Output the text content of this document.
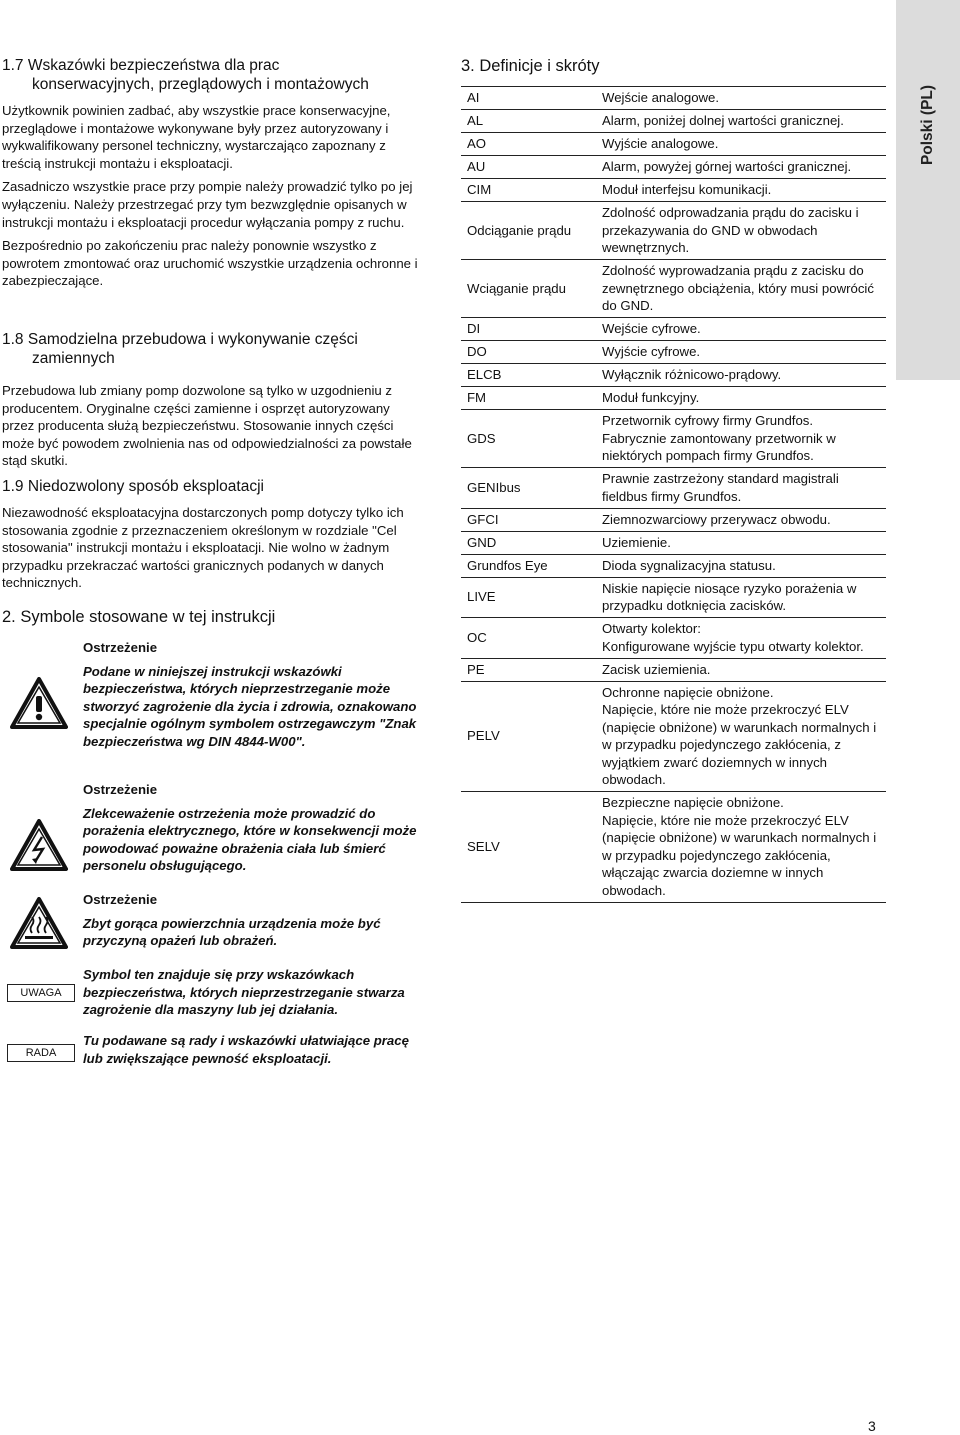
1.7 Wskazówki bezpieczeństwa dla prac
konserwacyjnych, przeglądowych i montażowych

Użytkownik powinien zadbać, aby wszystkie prace konserwacyjne, przeglądowe i montażowe wykonywane były przez autoryzowany i wykwalifikowany personel techniczny, wystarczająco zapoznany z treścią instrukcji montażu i eksploatacji.

Zasadniczo wszystkie prace przy pompie należy prowadzić tylko po jej wyłączeniu. Należy przestrzegać przy tym bezwzględnie opisanych w instrukcji montażu i eksploatacji procedur wyłączania pompy z ruchu.

Bezpośrednio po zakończeniu prac należy ponownie wszystko z powrotem zmontować oraz uruchomić wszystkie urządzenia ochronne i zabezpieczające.

1.8 Samodzielna przebudowa i wykonywanie części
zamiennych

Przebudowa lub zmiany pomp dozwolone są tylko w uzgodnieniu z producentem. Oryginalne części zamienne i osprzęt autoryzowany przez producenta służą bezpieczeństwu. Stosowanie innych części może być powodem zwolnienia nas od odpowiedzialności za powstałe stąd skutki.

1.9 Niedozwolony sposób eksploatacji

Niezawodność eksploatacyjna dostarczonych pomp dotyczy tylko ich stosowania zgodnie z przeznaczeniem określonym w rozdziale "Cel stosowania" instrukcji montażu i eksploatacji. Nie wolno w żadnym przypadku przekraczać wartości granicznych podanych w danych technicznych.

2. Symbole stosowane w tej instrukcji
Ostrzeżenie
Podane w niniejszej instrukcji wskazówki bezpieczeństwa, których nieprzestrzeganie może stworzyć zagrożenie dla życia i zdrowia, oznakowano specjalnie ogólnym symbolem ostrzegawczym "Znak bezpieczeństwa wg DIN 4844-W00".
Ostrzeżenie
Zlekceważenie ostrzeżenia może prowadzić do porażenia elektrycznego, które w konsekwencji może powodować poważne obrażenia ciała lub śmierć personelu obsługującego.
Ostrzeżenie
Zbyt gorąca powierzchnia urządzenia może być przyczyną opażeń lub obrażeń.
UWAGA
Symbol ten znajduje się przy wskazówkach bezpieczeństwa, których nieprzestrzeganie stwarza zagrożenie dla maszyny lub jej działania.
RADA
Tu podawane są rady i wskazówki ułatwiające pracę lub zwiększające pewność eksploatacji.
3. Definicje i skróty
AI	Wejście analogowe.
AL	Alarm, poniżej dolnej wartości granicznej.
AO	Wyjście analogowe.
AU	Alarm, powyżej górnej wartości granicznej.
CIM	Moduł interfejsu komunikacji.
Odciąganie prądu	Zdolność odprowadzania prądu do zacisku i przekazywania do GND w obwodach wewnętrznych.
Wciąganie prądu	Zdolność wyprowadzania prądu z zacisku do zewnętrznego obciążenia, który musi powrócić do GND.
DI	Wejście cyfrowe.
DO	Wyjście cyfrowe.
ELCB	Wyłącznik różnicowo-prądowy.
FM	Moduł funkcyjny.
GDS	Przetwornik cyfrowy firmy Grundfos.
Fabrycznie zamontowany przetwornik w niektórych pompach firmy Grundfos.
GENIbus	Prawnie zastrzeżony standard magistrali fieldbus firmy Grundfos.
GFCI	Ziemnozwarciowy przerywacz obwodu.
GND	Uziemienie.
Grundfos Eye	Dioda sygnalizacyjna statusu.
LIVE	Niskie napięcie niosące ryzyko porażenia w przypadku dotknięcia zacisków.
OC	Otwarty kolektor:
Konfigurowane wyjście typu otwarty kolektor.
PE	Zacisk uziemienia.
PELV	Ochronne napięcie obniżone.
Napięcie, które nie może przekroczyć ELV (napięcie obniżone) w warunkach normalnych i w przypadku pojedynczego zakłócenia, z wyjątkiem zwarć doziemnych w innych obwodach.
SELV	Bezpieczne napięcie obniżone.
Napięcie, które nie może przekroczyć ELV (napięcie obniżone) w warunkach normalnych i w przypadku pojedynczego zakłócenia, włączając zwarcia doziemne w innych obwodach.
Polski (PL)
3
